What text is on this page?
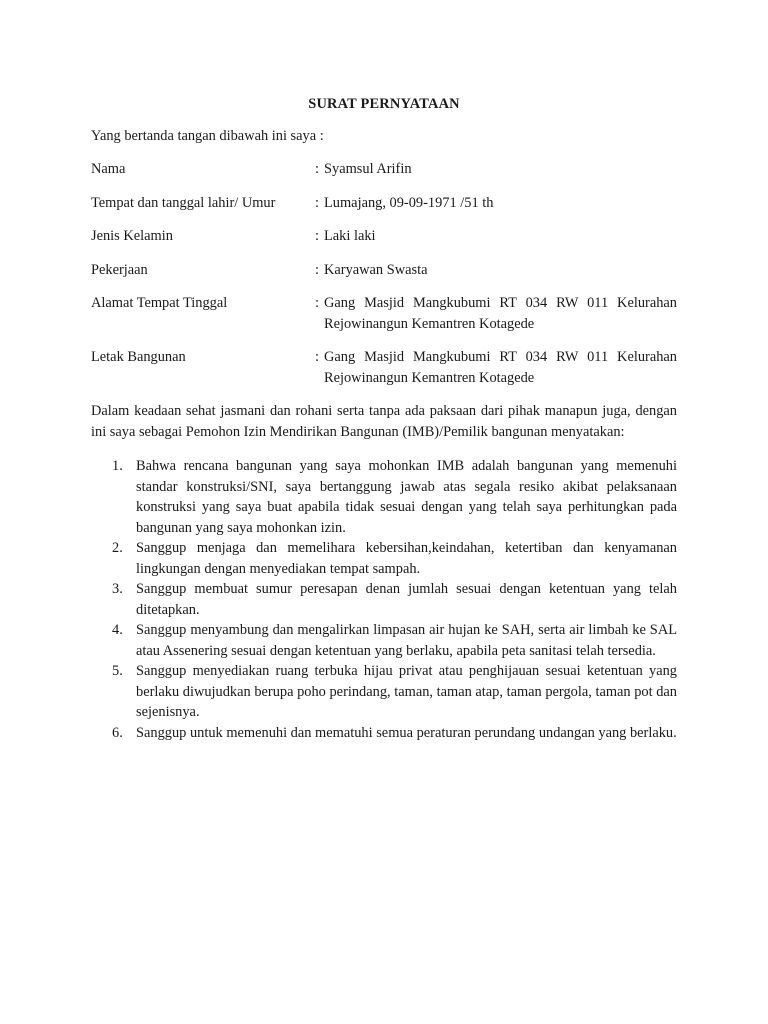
SURAT PERNYATAAN
Yang bertanda tangan dibawah ini saya :
Nama	: Syamsul Arifin
Tempat dan tanggal lahir/ Umur	: Lumajang, 09-09-1971 /51 th
Jenis Kelamin	: Laki laki
Pekerjaan	: Karyawan Swasta
Alamat Tempat Tinggal	: Gang Masjid Mangkubumi RT 034 RW 011 Kelurahan
Rejowinangun Kemantren Kotagede
Letak Bangunan	: Gang Masjid Mangkubumi RT 034 RW 011 Kelurahan
Rejowinangun Kemantren Kotagede
Dalam keadaan sehat jasmani dan rohani serta tanpa ada paksaan dari pihak manapun juga, dengan ini saya sebagai Pemohon Izin Mendirikan Bangunan (IMB)/Pemilik bangunan menyatakan:
1. Bahwa rencana bangunan yang saya mohonkan IMB adalah bangunan yang memenuhi standar konstruksi/SNI, saya bertanggung jawab atas segala resiko akibat pelaksanaan konstruksi yang saya buat apabila tidak sesuai dengan yang telah saya perhitungkan pada bangunan yang saya mohonkan izin.
2. Sanggup menjaga dan memelihara kebersihan,keindahan, ketertiban dan kenyamanan lingkungan dengan menyediakan tempat sampah.
3. Sanggup membuat sumur peresapan denan jumlah sesuai dengan ketentuan yang telah ditetapkan.
4. Sanggup menyambung dan mengalirkan limpasan air hujan ke SAH, serta air limbah ke SAL atau Assenering sesuai dengan ketentuan yang berlaku, apabila peta sanitasi telah tersedia.
5. Sanggup menyediakan ruang terbuka hijau privat atau penghijauan sesuai ketentuan yang berlaku diwujudkan berupa poho perindang, taman, taman atap, taman pergola, taman pot dan sejenisnya.
6. Sanggup untuk memenuhi dan mematuhi semua peraturan perundang undangan yang berlaku.
